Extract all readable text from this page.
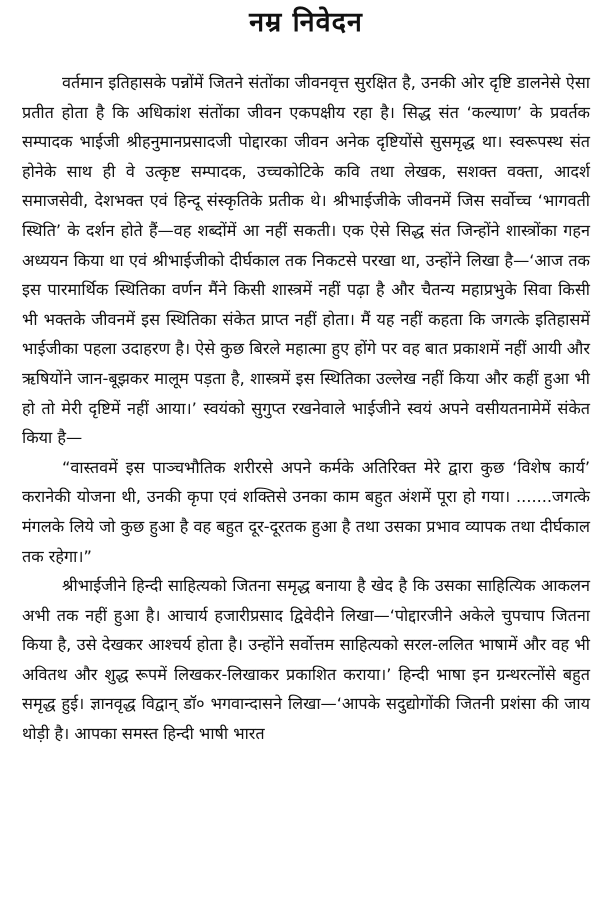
नम्र निवेदन

वर्तमान इतिहासके पन्नोंमें जितने संतोंका जीवनवृत्त सुरक्षित है, उनकी ओर दृष्टि डालनेसे ऐसा प्रतीत होता है कि अधिकांश संतोंका जीवन एकपक्षीय रहा है। सिद्ध संत ‘कल्याण’ के प्रवर्तक सम्पादक भाईजी श्रीहनुमानप्रसादजी पोद्दारका जीवन अनेक दृष्टियोंसे सुसमृद्ध था। स्वरूपस्थ संत होनेके साथ ही वे उत्कृष्ट सम्पादक, उच्चकोटिके कवि तथा लेखक, सशक्त वक्ता, आदर्श समाजसेवी, देशभक्त एवं हिन्दू संस्कृतिके प्रतीक थे। श्रीभाईजीके जीवनमें जिस सर्वोच्च ‘भागवती स्थिति’ के दर्शन होते हैं—वह शब्दोंमें आ नहीं सकती। एक ऐसे सिद्ध संत जिन्होंने शास्त्रोंका गहन अध्ययन किया था एवं श्रीभाईजीको दीर्घकाल तक निकटसे परखा था, उन्होंने लिखा है—‘आज तक इस पारमार्थिक स्थितिका वर्णन मैंने किसी शास्त्रमें नहीं पढ़ा है और चैतन्य महाप्रभुके सिवा किसी भी भक्तके जीवनमें इस स्थितिका संकेत प्राप्त नहीं होता। मैं यह नहीं कहता कि जगत्के इतिहासमें भाईजीका पहला उदाहरण है। ऐसे कुछ बिरले महात्मा हुए होंगे पर वह बात प्रकाशमें नहीं आयी और ऋषियोंने जान-बूझकर मालूम पड़ता है, शास्त्रमें इस स्थितिका उल्लेख नहीं किया और कहीं हुआ भी हो तो मेरी दृष्टिमें नहीं आया।’ स्वयंको सुगुप्त रखनेवाले भाईजीने स्वयं अपने वसीयतनामेमें संकेत किया है—

“वास्तवमें इस पाञ्चभौतिक शरीरसे अपने कर्मके अतिरिक्त मेरे द्वारा कुछ ‘विशेष कार्य’ करानेकी योजना थी, उनकी कृपा एवं शक्तिसे उनका काम बहुत अंशमें पूरा हो गया। .......जगत्के मंगलके लिये जो कुछ हुआ है वह बहुत दूर-दूरतक हुआ है तथा उसका प्रभाव व्यापक तथा दीर्घकाल तक रहेगा।”

श्रीभाईजीने हिन्दी साहित्यको जितना समृद्ध बनाया है खेद है कि उसका साहित्यिक आकलन अभी तक नहीं हुआ है। आचार्य हजारीप्रसाद द्विवेदीने लिखा—‘पोद्दारजीने अकेले चुपचाप जितना किया है, उसे देखकर आश्चर्य होता है। उन्होंने सर्वोत्तम साहित्यको सरल-ललित भाषामें और वह भी अवितथ और शुद्ध रूपमें लिखकर-लिखाकर प्रकाशित कराया।’ हिन्दी भाषा इन ग्रन्थरत्नोंसे बहुत समृद्ध हुई। ज्ञानवृद्ध विद्वान् डॉ० भगवान्दासने लिखा—‘आपके सदुद्योगोंकी जितनी प्रशंसा की जाय थोड़ी है। आपका समस्त हिन्दी भाषी भारत
